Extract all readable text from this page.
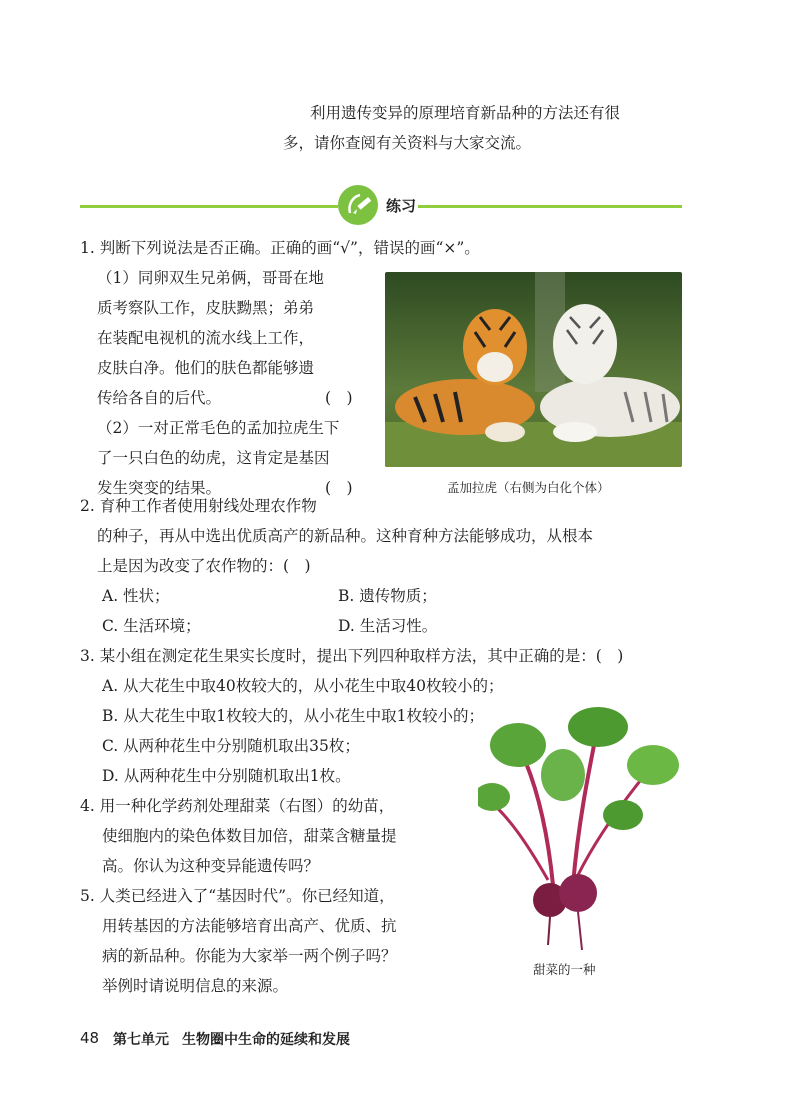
利用遗传变异的原理培育新品种的方法还有很
多，请你查阅有关资料与大家交流。
练习
1. 判断下列说法是否正确。正确的画“√”，错误的画“×”。
（1）同卵双生兄弟俩，哥哥在地
质考察队工作，皮肤黝黑；弟弟
在装配电视机的流水线上工作，
皮肤白净。他们的肤色都能够遗
传给各自的后代。	(　)
（2）一对正常毛色的孟加拉虎生下
了一只白色的幼虎，这肯定是基因
发生突变的结果。	(　)	孟加拉虎（右侧为白化个体）
2. 育种工作者使用射线处理农作物
的种子，再从中选出优质高产的新品种。这种育种方法能够成功，从根本
上是因为改变了农作物的：(　)
A. 性状；	B. 遗传物质；
C. 生活环境；	D. 生活习性。
3. 某小组在测定花生果实长度时，提出下列四种取样方法，其中正确的是：(　)
A. 从大花生中取40枚较大的，从小花生中取40枚较小的；
B. 从大花生中取1枚较大的，从小花生中取1枚较小的；
C. 从两种花生中分别随机取出35枚；
D. 从两种花生中分别随机取出1枚。
4. 用一种化学药剂处理甜菜（右图）的幼苗，
使细胞内的染色体数目加倍，甜菜含糖量提
高。你认为这种变异能遗传吗？
5. 人类已经进入了“基因时代”。你已经知道，
用转基因的方法能够培育出高产、优质、抗
病的新品种。你能为大家举一两个例子吗？
举例时请说明信息的来源。
甜菜的一种
48 第七单元 生物圈中生命的延续和发展
